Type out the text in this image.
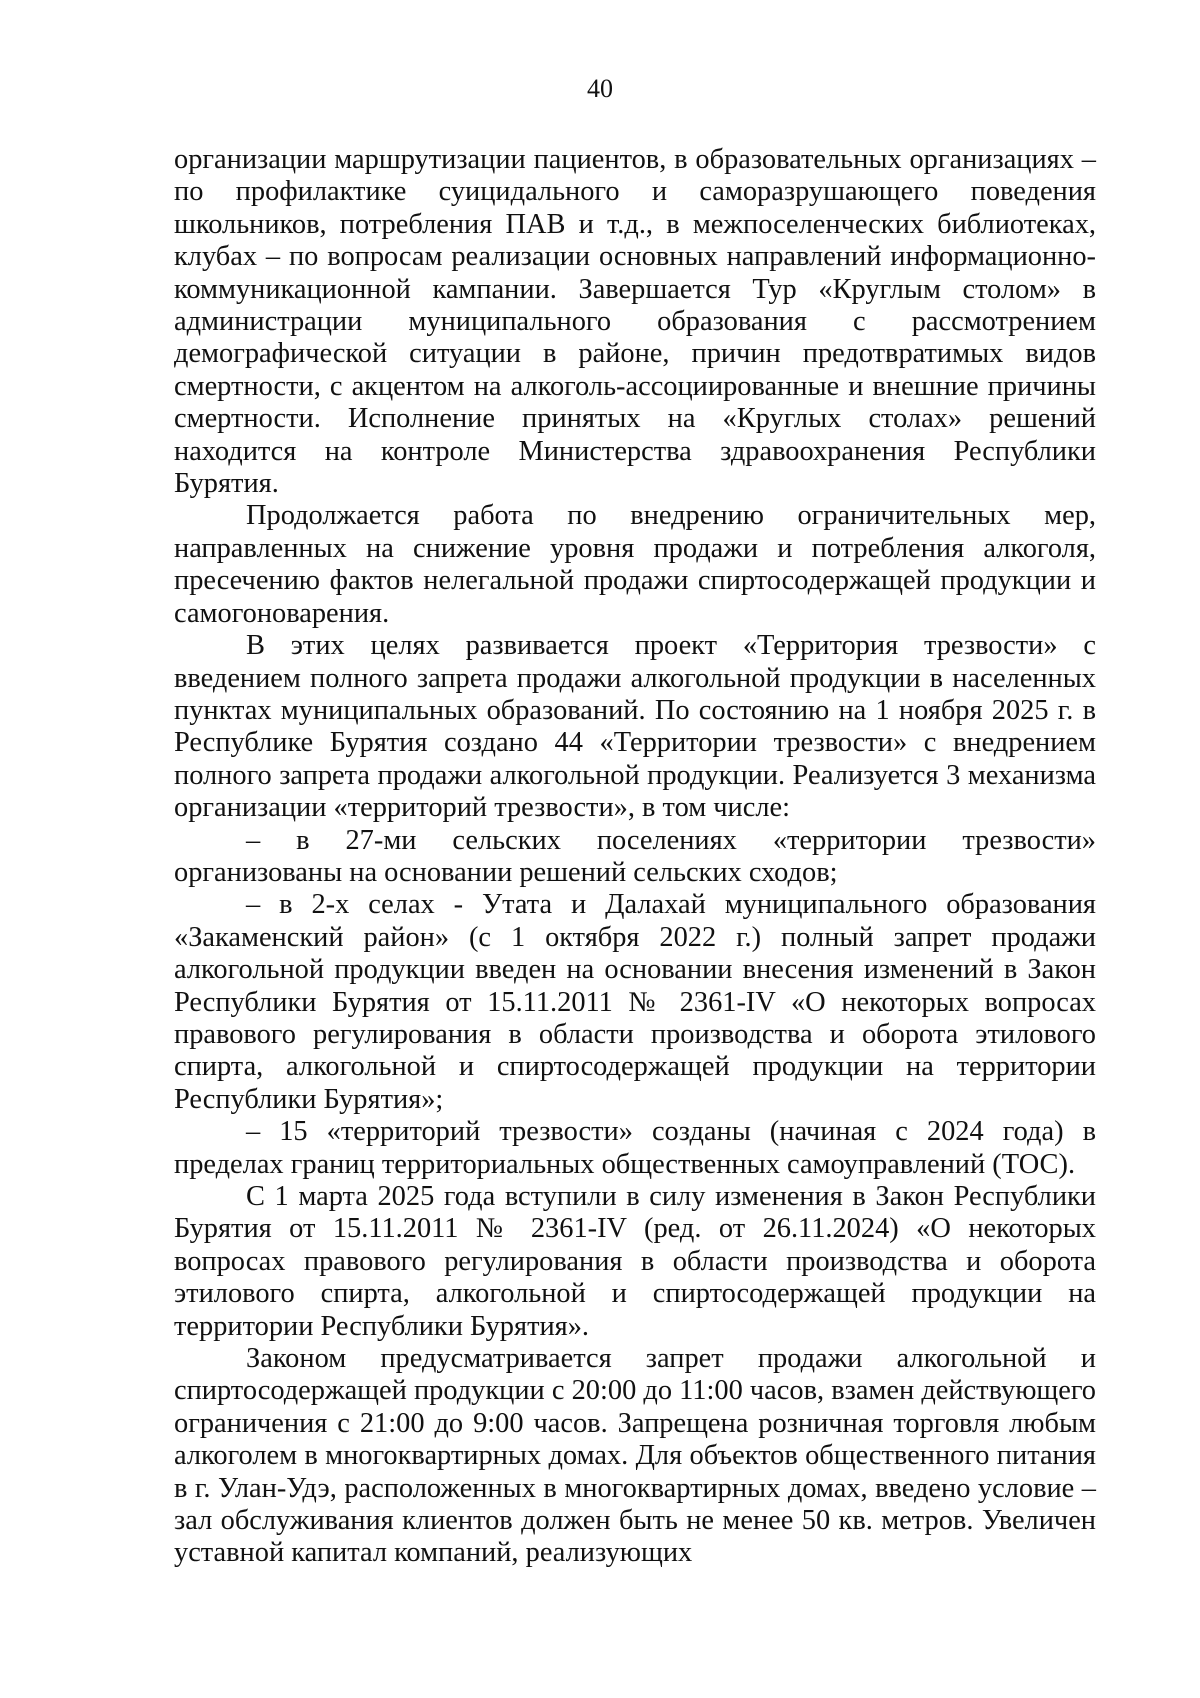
40

организации маршрутизации пациентов, в образовательных организациях – по профилактике суицидального и саморазрушающего поведения школьников, потребления ПАВ и т.д., в межпоселенческих библиотеках, клубах – по вопросам реализации основных направлений информационно-коммуникационной кампании. Завершается Тур «Круглым столом» в администрации муниципального образования с рассмотрением демографической ситуации в районе, причин предотвратимых видов смертности, с акцентом на алкоголь-ассоциированные и внешние причины смертности. Исполнение принятых на «Круглых столах» решений находится на контроле Министерства здравоохранения Республики Бурятия.

Продолжается работа по внедрению ограничительных мер, направленных на снижение уровня продажи и потребления алкоголя, пресечению фактов нелегальной продажи спиртосодержащей продукции и самогоноварения.

В этих целях развивается проект «Территория трезвости» с введением полного запрета продажи алкогольной продукции в населенных пунктах муниципальных образований. По состоянию на 1 ноября 2025 г. в Республике Бурятия создано 44 «Территории трезвости» с внедрением полного запрета продажи алкогольной продукции. Реализуется 3 механизма организации «территорий трезвости», в том числе:

– в 27-ми сельских поселениях «территории трезвости» организованы на основании решений сельских сходов;

– в 2-х селах - Утата и Далахай муниципального образования «Закаменский район» (с 1 октября 2022 г.) полный запрет продажи алкогольной продукции введен на основании внесения изменений в Закон Республики Бурятия от 15.11.2011 № 2361-IV «О некоторых вопросах правового регулирования в области производства и оборота этилового спирта, алкогольной и спиртосодержащей продукции на территории Республики Бурятия»;

– 15 «территорий трезвости» созданы (начиная с 2024 года) в пределах границ территориальных общественных самоуправлений (ТОС).

С 1 марта 2025 года вступили в силу изменения в Закон Республики Бурятия от 15.11.2011 № 2361-IV (ред. от 26.11.2024) «О некоторых вопросах правового регулирования в области производства и оборота этилового спирта, алкогольной и спиртосодержащей продукции на территории Республики Бурятия».

Законом предусматривается запрет продажи алкогольной и спиртосодержащей продукции с 20:00 до 11:00 часов, взамен действующего ограничения с 21:00 до 9:00 часов. Запрещена розничная торговля любым алкоголем в многоквартирных домах. Для объектов общественного питания в г. Улан-Удэ, расположенных в многоквартирных домах, введено условие – зал обслуживания клиентов должен быть не менее 50 кв. метров. Увеличен уставной капитал компаний, реализующих
